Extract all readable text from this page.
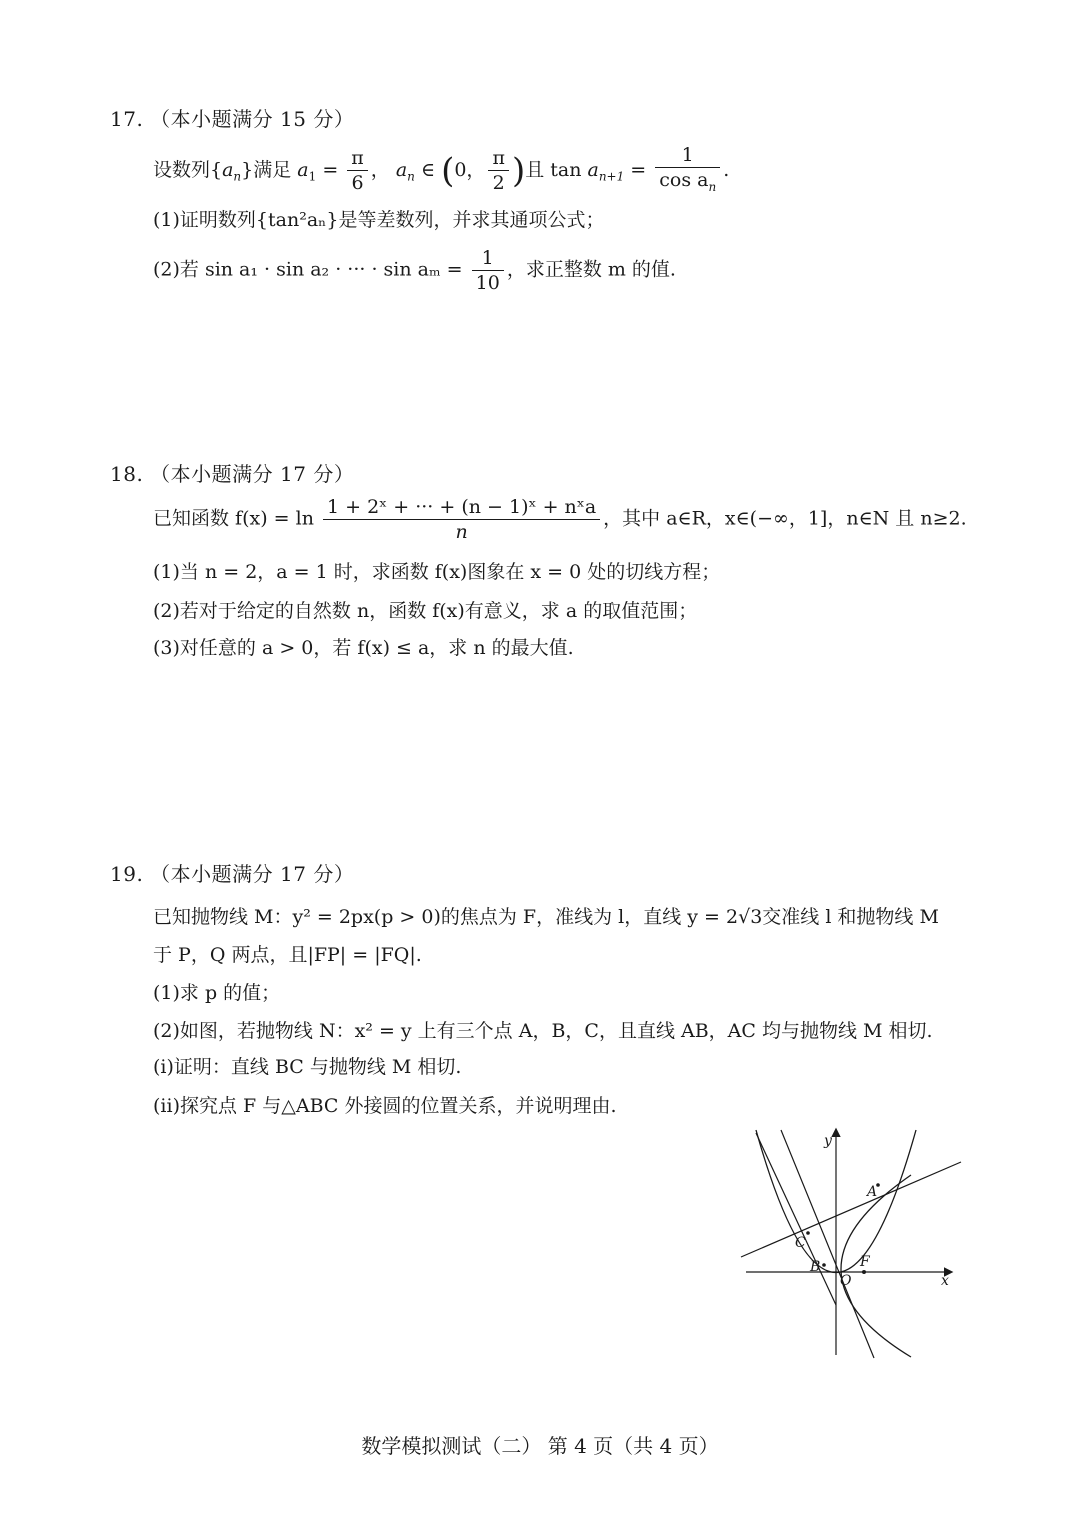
17. （本小题满分 15 分）
设数列$\{a_n\}$满足 $a_1 = \frac{\pi}{6}$ ， $a_n$ ∈ (0， $\frac{\pi}{2}$ )且 $\tan a_{n+1} = \frac{1}{\cos a_n}$ .
(1)证明数列{tan²aₙ}是等差数列，并求其通项公式；
(2)若 sin a₁ · sin a₂ · ··· · $\sin a_m = \frac{1}{10}$ ，求正整数 m 的值.
18. （本小题满分 17 分）
已知函数 $f(x) = \ln \frac{\text{1 + 2ˣ + ··· + (n − 1)ˣ + nˣa}}{n}$ ，其中 a∈R，x∈(−∞，1]，n∈N 且 n≥2.
(1)当 n = 2，a = 1 时，求函数 f(x)图象在 x = 0 处的切线方程；
(2)若对于给定的自然数 n，函数 f(x)有意义，求 a 的取值范围；
(3)对任意的 a > 0，若 f(x) ≤ a，求 n 的最大值.
19. （本小题满分 17 分）
已知抛物线 M：y² = 2px(p > 0)的焦点为 F，准线为 l，直线 y = 2√3交准线 l 和抛物线 M
于 P，Q 两点，且|FP| = |FQ|.
(1)求 p 的值；
(2)如图，若抛物线 N：x² = y 上有三个点 A，B，C，且直线 AB，AC 均与抛物线 M 相切.
(i)证明：直线 BC 与抛物线 M 相切.
(ii)探究点 F 与△ABC 外接圆的位置关系，并说明理由.
y
x
A
C
B
O
F
数学模拟测试（二） 第 4 页（共 4 页）
